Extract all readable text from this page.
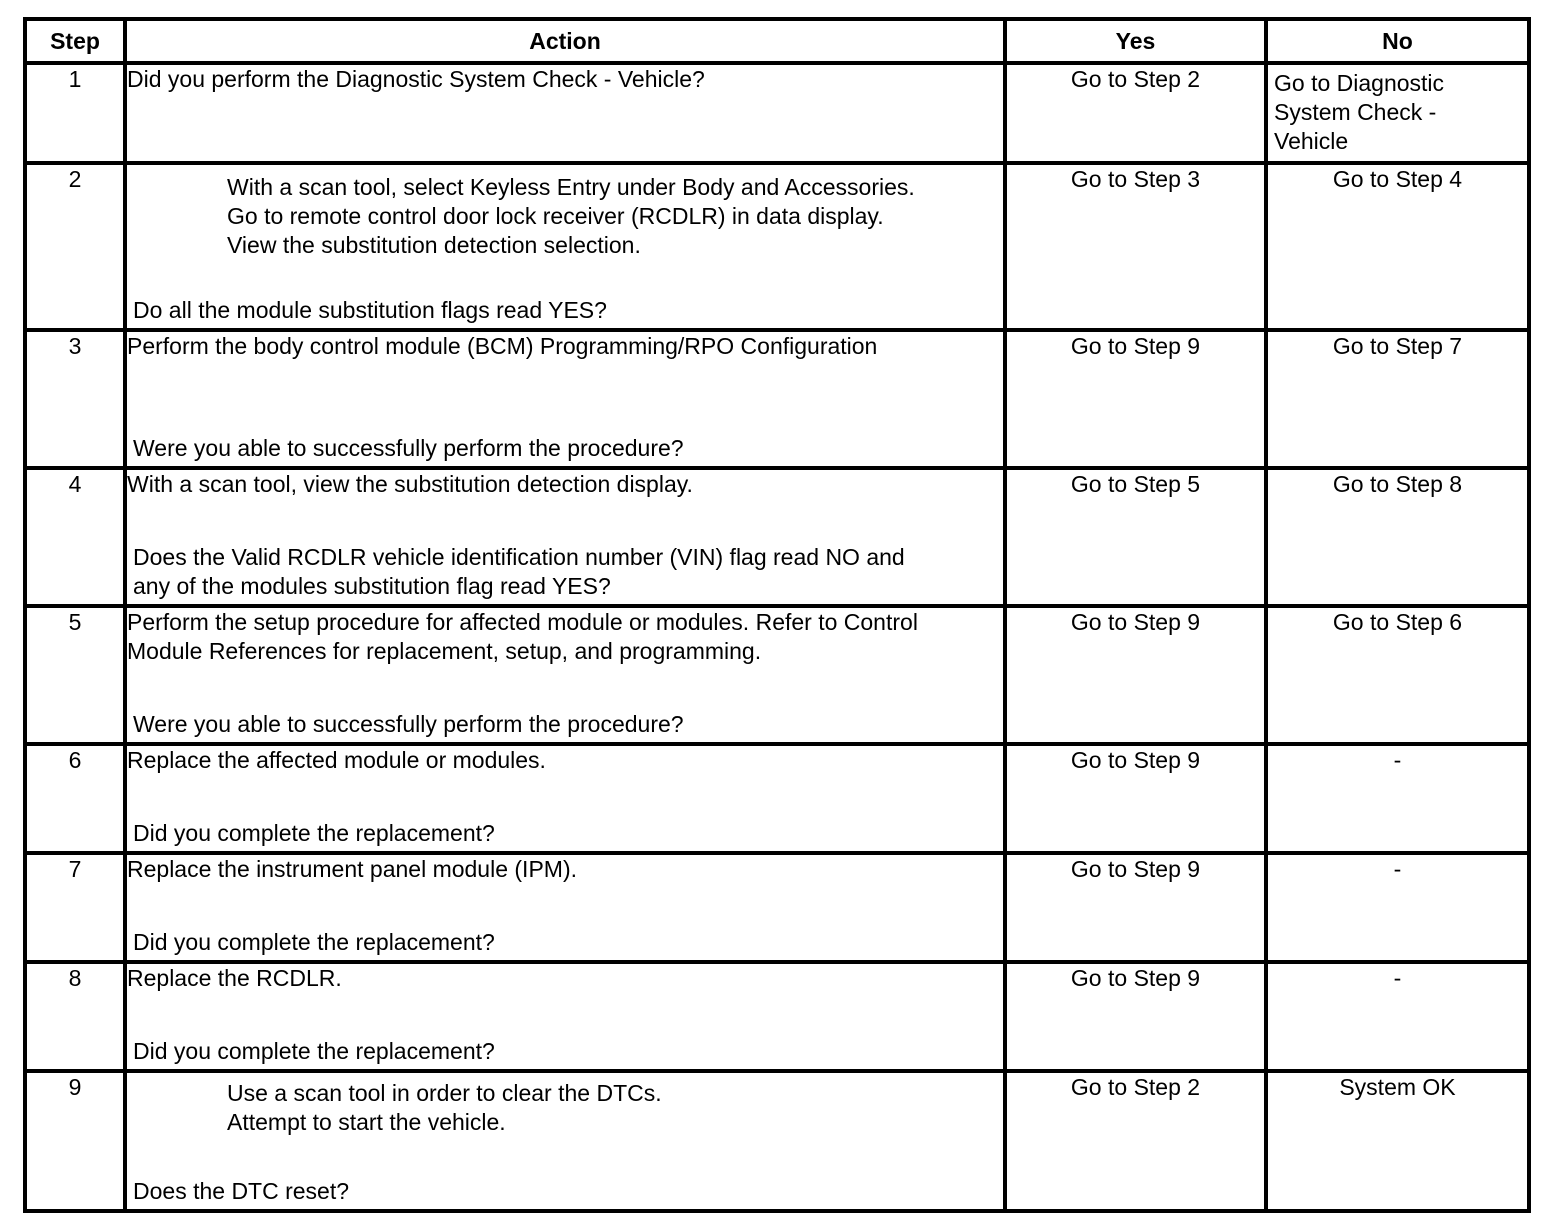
Step	Action	Yes	No
1	Did you perform the Diagnostic System Check - Vehicle?	Go to Step 2	Go to Diagnostic
System Check -
Vehicle

2	With a scan tool, select Keyless Entry under Body and Accessories.
Go to remote control door lock receiver (RCDLR) in data display.
View the substitution detection selection.
Do all the module substitution flags read YES?	Go to Step 3	Go to Step 4
3	Perform the body control module (BCM) Programming/RPO Configuration
Were you able to successfully perform the procedure?	Go to Step 9	Go to Step 7
4	With a scan tool, view the substitution detection display.
Does the Valid RCDLR vehicle identification number (VIN) flag read NO and
any of the modules substitution flag read YES?	Go to Step 5	Go to Step 8
5	Perform the setup procedure for affected module or modules. Refer to Control
Module References for replacement, setup, and programming.
Were you able to successfully perform the procedure?	Go to Step 9	Go to Step 6
6	Replace the affected module or modules.
Did you complete the replacement?	Go to Step 9	-
7	Replace the instrument panel module (IPM).
Did you complete the replacement?	Go to Step 9	-
8	Replace the RCDLR.
Did you complete the replacement?	Go to Step 9	-
9	Use a scan tool in order to clear the DTCs.
Attempt to start the vehicle.
Does the DTC reset?	Go to Step 2	System OK
